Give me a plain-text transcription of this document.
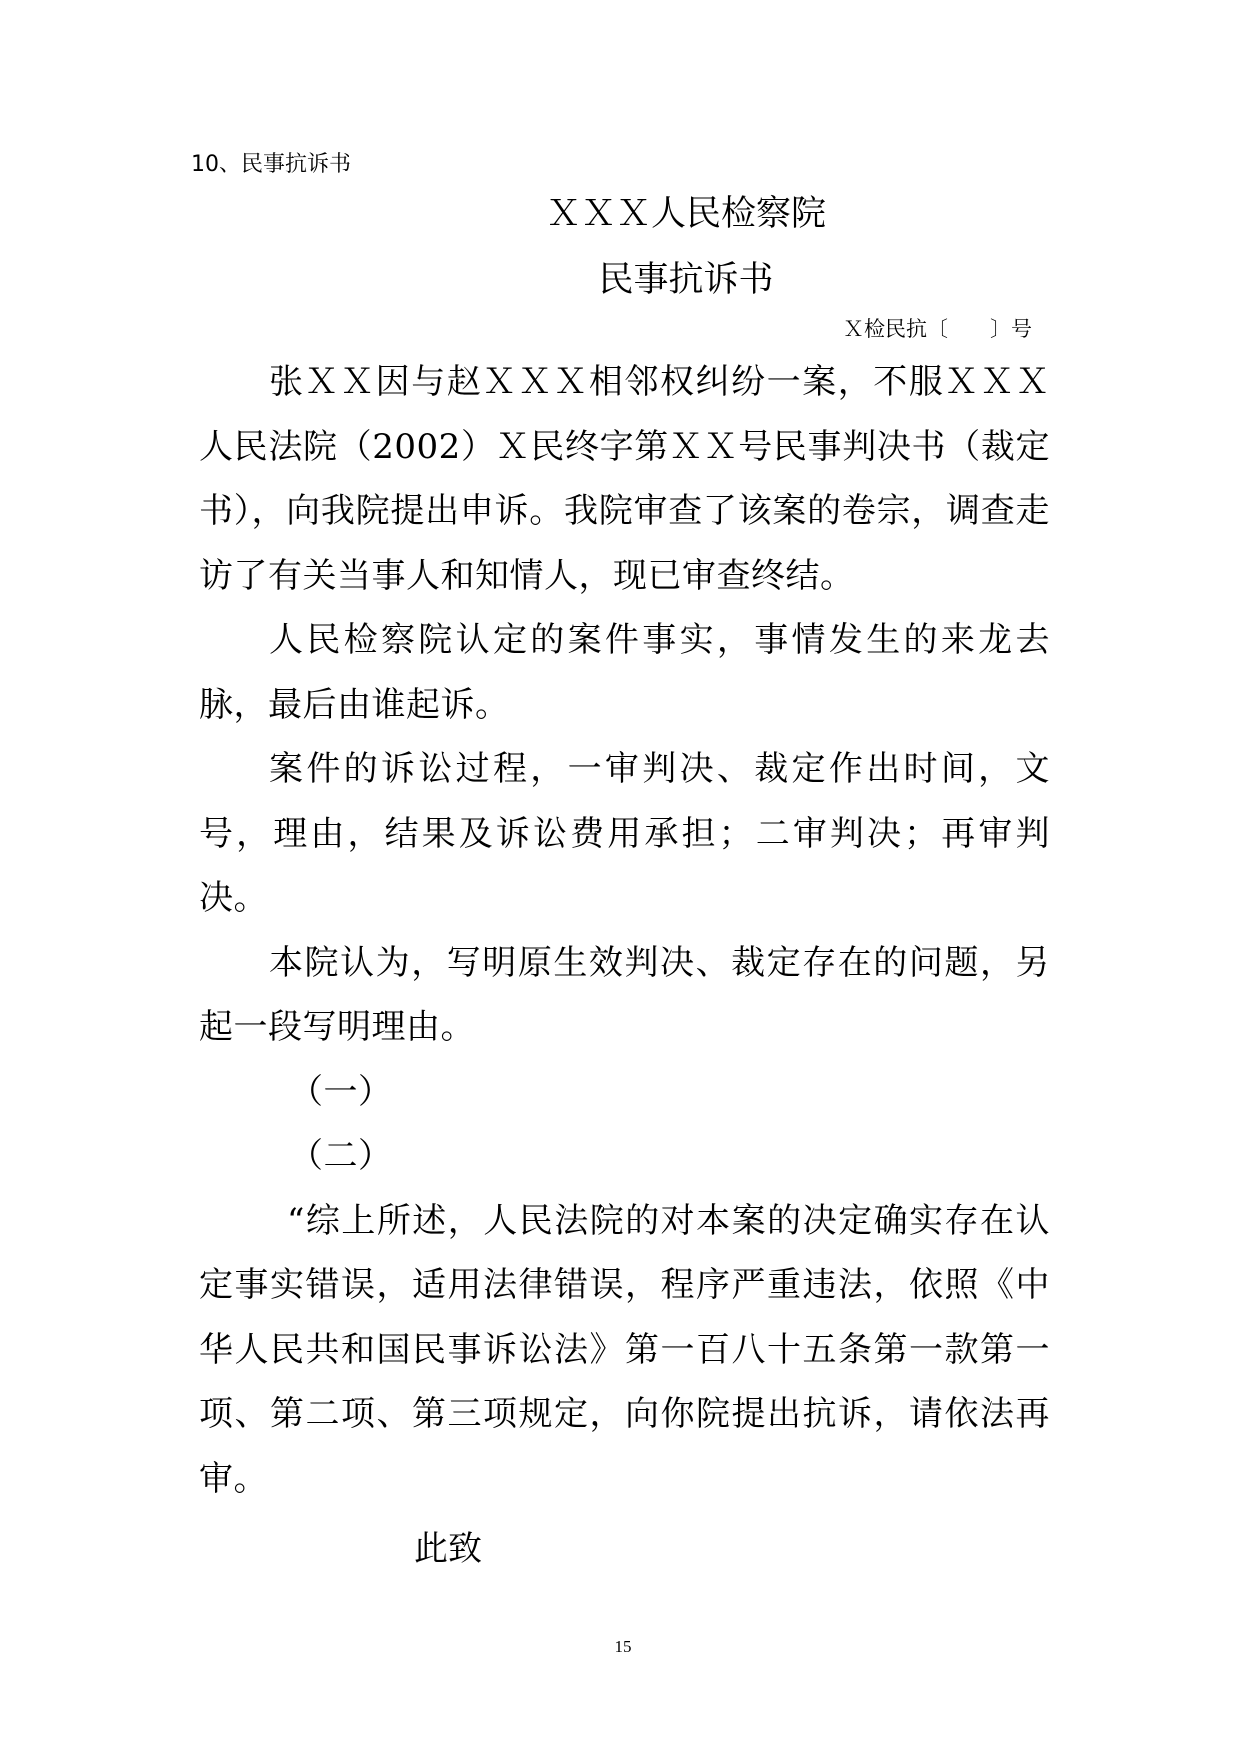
10、民事抗诉书
ＸＸＸ人民检察院
民事抗诉书
Ｘ检民抗〔　　〕号

张ＸＸ因与赵ＸＸＸ相邻权纠纷一案，不服ＸＸＸ人民法院（2002）Ｘ民终字第ＸＸ号民事判决书（裁定书），向我院提出申诉。我院审查了该案的卷宗，调查走访了有关当事人和知情人，现已审查终结。

人民检察院认定的案件事实，事情发生的来龙去脉，最后由谁起诉。

案件的诉讼过程，一审判决、裁定作出时间，文号，理由，结果及诉讼费用承担；二审判决；再审判决。

本院认为，写明原生效判决、裁定存在的问题，另起一段写明理由。

（一）

（二）

“综上所述，人民法院的对本案的决定确实存在认定事实错误，适用法律错误，程序严重违法，依照《中华人民共和国民事诉讼法》第一百八十五条第一款第一项、第二项、第三项规定，向你院提出抗诉，请依法再审。

此致
15
